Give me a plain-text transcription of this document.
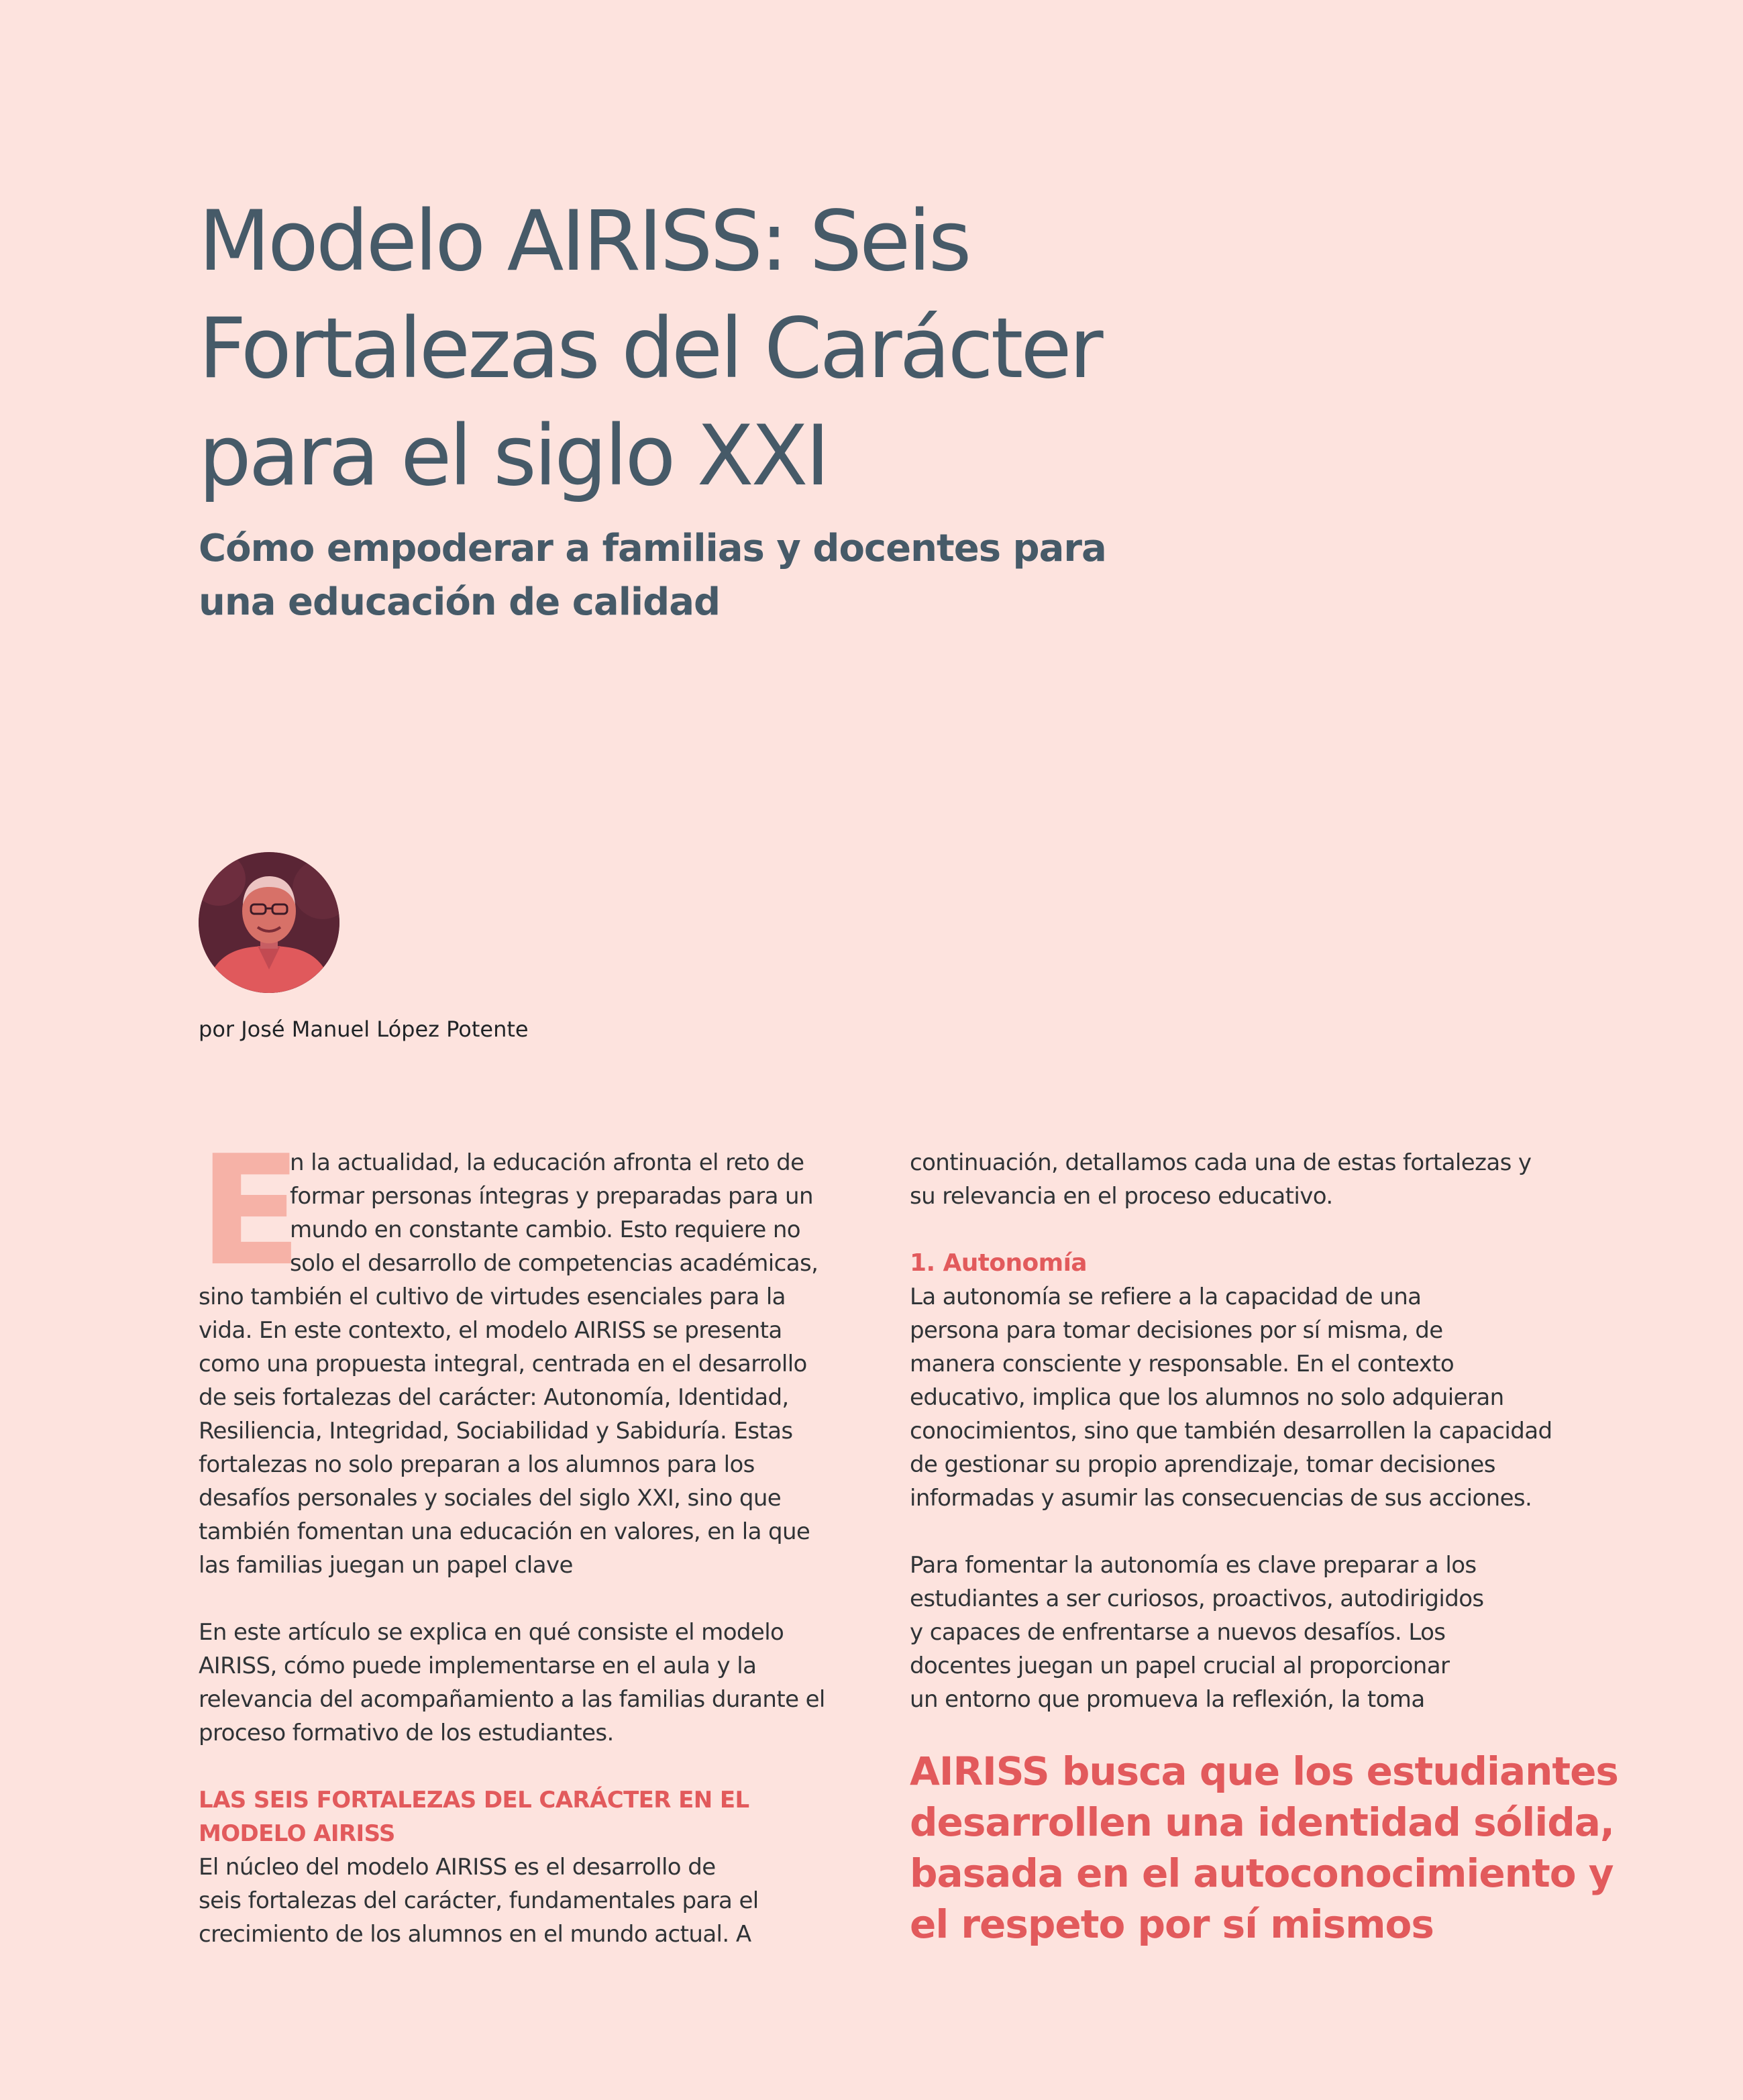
Modelo AIRISS: Seis
Fortalezas del Carácter
para el siglo XXI
Cómo empoderar a familias y docentes para
una educación de calidad
por José Manuel López Potente
E
n la actualidad, la educación afronta el reto de
formar personas íntegras y preparadas para un
mundo en constante cambio. Esto requiere no
solo el desarrollo de competencias académicas,
sino también el cultivo de virtudes esenciales para la
vida. En este contexto, el modelo AIRISS se presenta
como una propuesta integral, centrada en el desarrollo
de seis fortalezas del carácter: Autonomía, Identidad,
Resiliencia, Integridad, Sociabilidad y Sabiduría. Estas
fortalezas no solo preparan a los alumnos para los
desafíos personales y sociales del siglo XXI, sino que
también fomentan una educación en valores, en la que
las familias juegan un papel clave
En este artículo se explica en qué consiste el modelo
AIRISS, cómo puede implementarse en el aula y la
relevancia del acompañamiento a las familias durante el
proceso formativo de los estudiantes.
LAS SEIS FORTALEZAS DEL CARÁCTER EN EL
MODELO AIRISS
El núcleo del modelo AIRISS es el desarrollo de
seis fortalezas del carácter, fundamentales para el
crecimiento de los alumnos en el mundo actual. A
continuación, detallamos cada una de estas fortalezas y
su relevancia en el proceso educativo.
1. Autonomía
La autonomía se refiere a la capacidad de una
persona para tomar decisiones por sí misma, de
manera consciente y responsable. En el contexto
educativo, implica que los alumnos no solo adquieran
conocimientos, sino que también desarrollen la capacidad
de gestionar su propio aprendizaje, tomar decisiones
informadas y asumir las consecuencias de sus acciones.
Para fomentar la autonomía es clave preparar a los
estudiantes a ser curiosos, proactivos, autodirigidos
y capaces de enfrentarse a nuevos desafíos. Los
docentes juegan un papel crucial al proporcionar
un entorno que promueva la reflexión, la toma
AIRISS busca que los estudiantes
desarrollen una identidad sólida,
basada en el autoconocimiento y
el respeto por sí mismos
